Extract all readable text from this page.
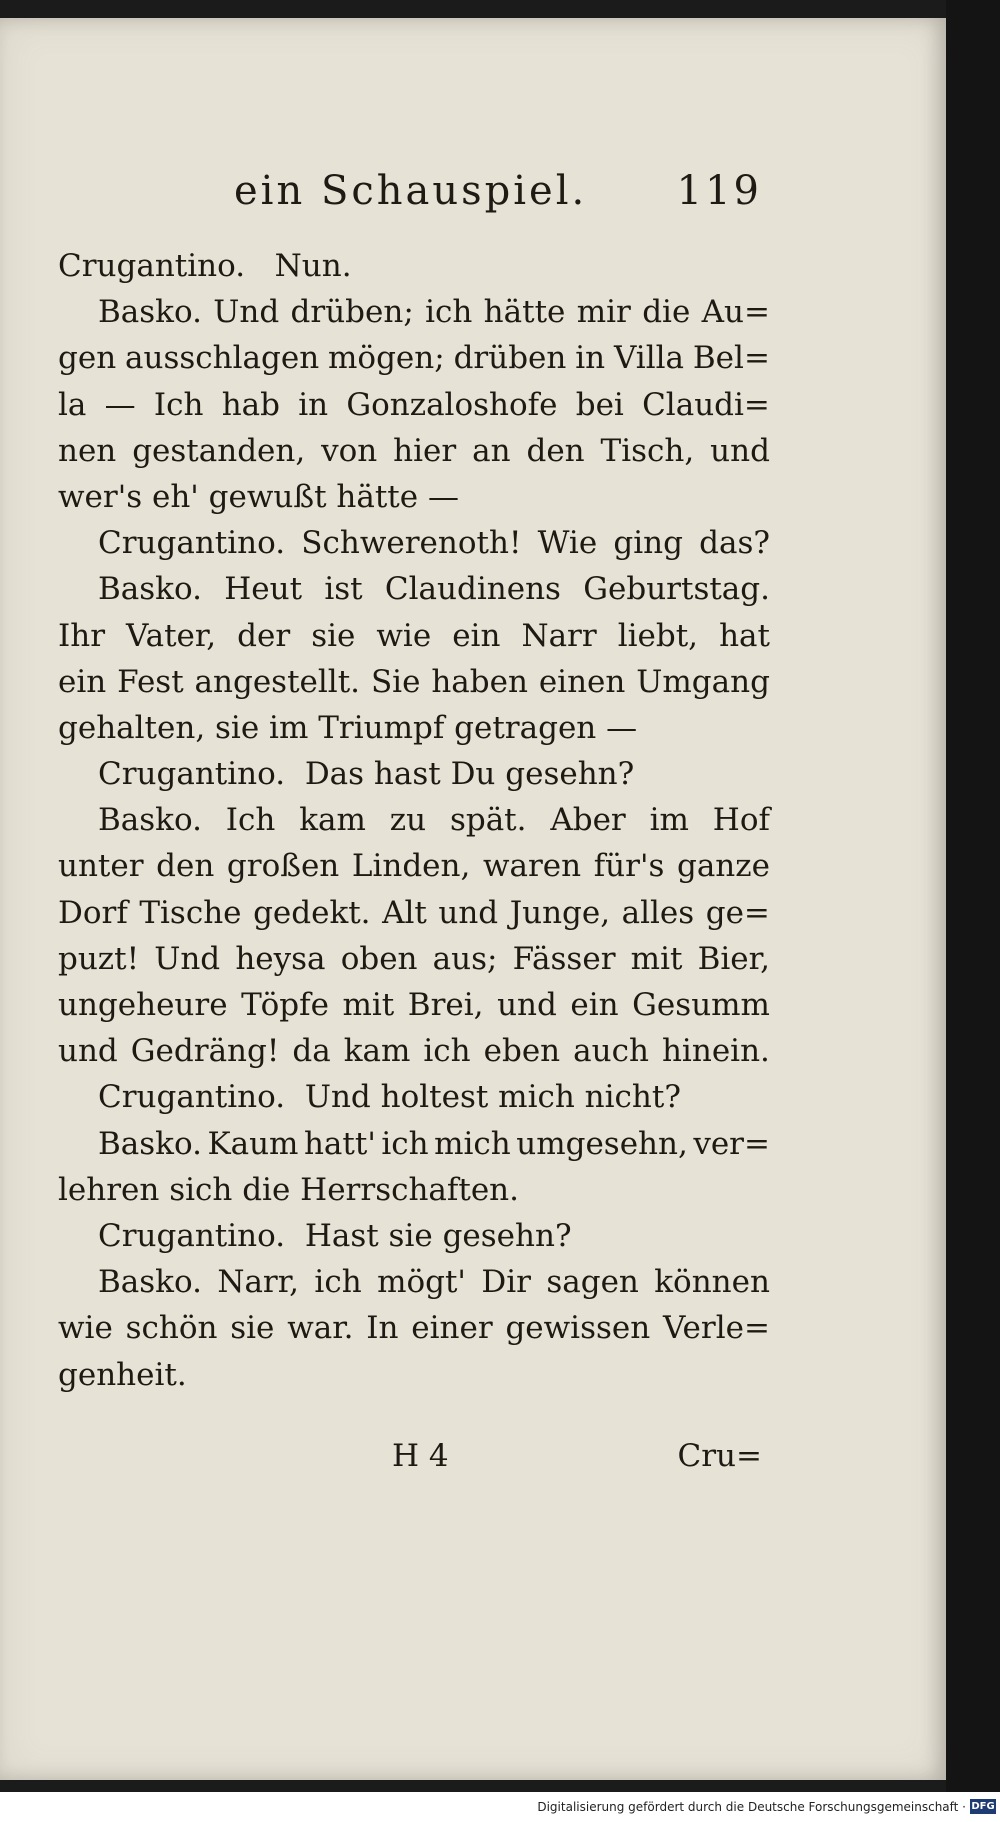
ein Schauspiel. 119
Crugantino.   Nun.
Basko. Und drüben; ich hätte mir die Au=
gen ausschlagen mögen; drüben in Villa Bel=
la — Ich hab in Gonzaloshofe bei Claudi=
nen gestanden, von hier an den Tisch, und
wer's eh' gewußt hätte —
Crugantino. Schwerenoth! Wie ging das?
Basko. Heut ist Claudinens Geburtstag.
Ihr Vater, der sie wie ein Narr liebt, hat
ein Fest angestellt. Sie haben einen Umgang
gehalten, sie im Triumpf getragen —
Crugantino.  Das hast Du gesehn?
Basko. Ich kam zu spät. Aber im Hof
unter den großen Linden, waren für's ganze
Dorf Tische gedekt. Alt und Junge, alles ge=
puzt! Und heysa oben aus; Fässer mit Bier,
ungeheure Töpfe mit Brei, und ein Gesumm
und Gedräng! da kam ich eben auch hinein.
Crugantino.  Und holtest mich nicht?
Basko. Kaum hatt' ich mich umgesehn, ver=
lehren sich die Herrschaften.
Crugantino.  Hast sie gesehn?
Basko. Narr, ich mögt' Dir sagen können
wie schön sie war. In einer gewissen Verle=
genheit.
H 4	Cru=
Digitalisierung gefördert durch die Deutsche Forschungsgemeinschaft · DFG
